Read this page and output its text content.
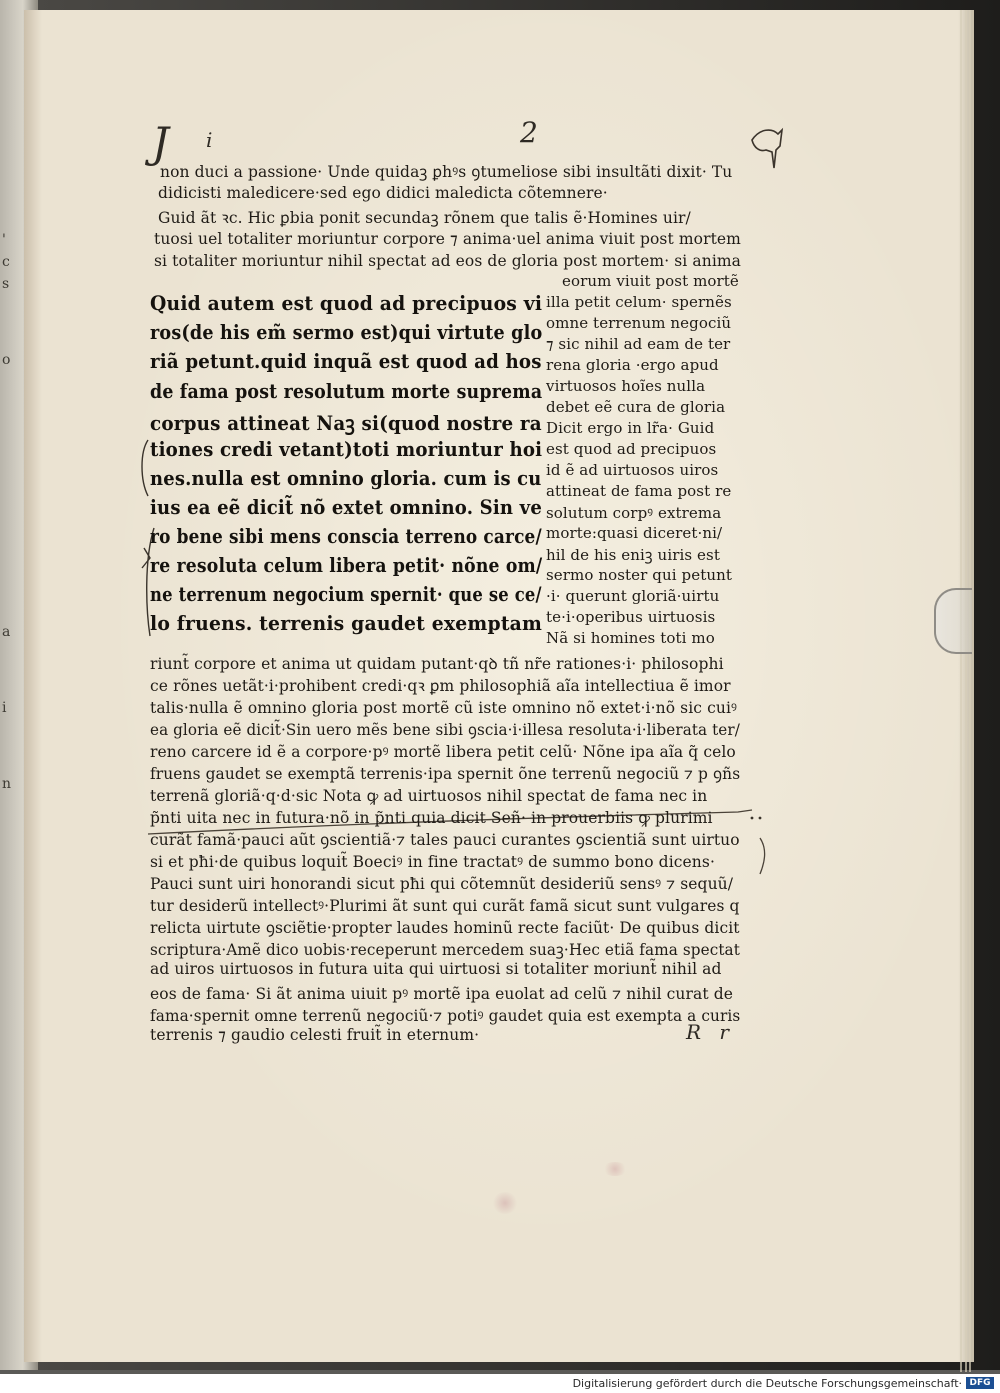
'
c
s
o
a
i
n
J i	2
R r
non duci a passione· Unde quidaꝫ ꝑhꝰs ꝯtumeliose sibi insultãti dixit· Tu
didicisti maledicere·sed ego didici maledicta cõtemnere·
Guid ãt ꝛc. Hic ꝑbia ponit secundaꝫ rõnem que talis ẽ·Homines uir/
tuosi uel totaliter moriuntur corpore ⁊ anima·uel anima viuit post mortem
si totaliter moriuntur nihil spectat ad eos de gloria post mortem· si anima
Quid autem est quod ad precipuos vi
ros(de his em̃ sermo est)qui virtute glo
riã petunt.quid inquã est quod ad hos
de fama post resolutum morte suprema
corpus attineat Naꝫ si(quod nostre ra
tiones credi vetant)toti moriuntur hoi
nes.nulla est omnino gloria. cum is cu
ius ea eẽ dicit̃ nõ extet omnino. Sin ve
ro bene sibi mens conscia terreno carce/
re resoluta celum libera petit· nõne om/
ne terrenum negocium spernit· que se ce/
lo fruens. terrenis gaudet exemptam
eorum viuit post mortẽ
illa petit celum· spernẽs
omne terrenum negociũ
⁊ sic nihil ad eam de ter
rena gloria ·ergo apud
virtuosos hoĩes nulla
debet eẽ cura de gloria
Dicit ergo in lr̃a· Guid
est quod ad precipuos
id ẽ ad uirtuosos uiros
attineat de fama post re
solutum corpꝰ extrema
morte:quasi diceret·ni/
hil de his eniꝫ uiris est
sermo noster qui petunt
·i· querunt gloriã·uirtu
te·i·operibus uirtuosis
Nã si homines toti mo
riunt̃ corpore et anima ut quidam putant·qꝺ tñ nr̃e rationes·i· philosophi
ce rõnes uetãt·i·prohibent credi·qꝛ ꝑm philosophiã aĩa intellectiua ẽ imor
talis·nulla ẽ omnino gloria post mortẽ cũ iste omnino nõ extet·i·nõ sic cuiꝰ
ea gloria eẽ dicit̃·Sin uero mẽs bene sibi ꝯscia·i·illesa resoluta·i·liberata ter/
reno carcere id ẽ a corpore·pꝰ mortẽ libera petit celũ· Nõne ipa aĩa q̃ celo
fruens gaudet se exemptã terrenis·ipa spernit õne terrenũ negociũ ⁊ p ꝯñs
terrenã gloriã·q·d·sic Nota ꝙ ad uirtuosos nihil spectat de fama nec in
p̃nti uita nec in futura·nõ in p̃nti quia dicit Señ· in prouerbiis ꝙ plurimi
curãt famã·pauci aũt ꝯscientiã·⁊ tales pauci curantes ꝯscientiã sunt uirtuo
si et pħi·de quibus loquit̃ Boeciꝰ in fine tractatꝰ de summo bono dicens·
Pauci sunt uiri honorandi sicut pħi qui cõtemnũt desideriũ sensꝰ ⁊ sequũ/
tur desiderũ intellectꝰ·Plurimi ãt sunt qui curãt famã sicut sunt vulgares q
relicta uirtute ꝯsciẽtie·propter laudes hominũ recte faciũt· De quibus dicit
scriptura·Amẽ dico uobis·receperunt mercedem suaꝫ·Hec etiã fama spectat
ad uiros uirtuosos in futura uita qui uirtuosi si totaliter moriunt̃ nihil ad
eos de fama· Si ãt anima uiuit pꝰ mortẽ ipa euolat ad celũ ⁊ nihil curat de
fama·spernit omne terrenũ negociũ·⁊ potiꝰ gaudet quia est exempta a curis
terrenis ⁊ gaudio celesti fruit̃ in eternum·
Digitalisierung gefördert durch die Deutsche Forschungsgemeinschaft· DFG
